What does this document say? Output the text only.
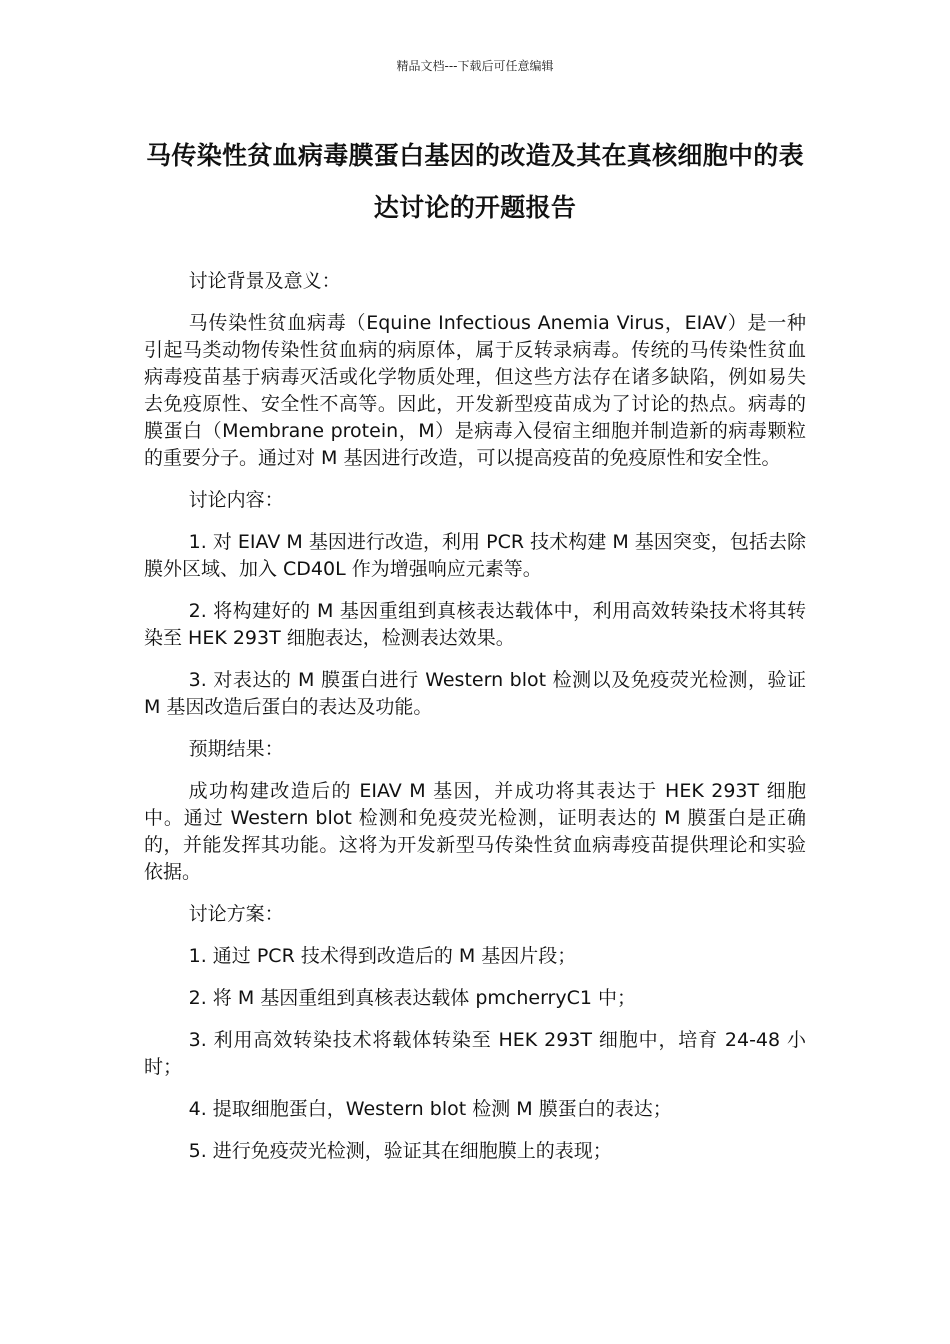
精品文档---下载后可任意编辑
马传染性贫血病毒膜蛋白基因的改造及其在真核细胞中的表达讨论的开题报告

讨论背景及意义：

马传染性贫血病毒（Equine Infectious Anemia Virus，EIAV）是一种引起马类动物传染性贫血病的病原体，属于反转录病毒。传统的马传染性贫血病毒疫苗基于病毒灭活或化学物质处理，但这些方法存在诸多缺陷，例如易失去免疫原性、安全性不高等。因此，开发新型疫苗成为了讨论的热点。病毒的膜蛋白（Membrane protein，M）是病毒入侵宿主细胞并制造新的病毒颗粒的重要分子。通过对 M 基因进行改造，可以提高疫苗的免疫原性和安全性。

讨论内容：

1. 对 EIAV M 基因进行改造，利用 PCR 技术构建 M 基因突变，包括去除膜外区域、加入 CD40L 作为增强响应元素等。

2. 将构建好的 M 基因重组到真核表达载体中，利用高效转染技术将其转染至 HEK 293T 细胞表达，检测表达效果。

3. 对表达的 M 膜蛋白进行 Western blot 检测以及免疫荧光检测，验证 M 基因改造后蛋白的表达及功能。

预期结果：

成功构建改造后的 EIAV M 基因，并成功将其表达于 HEK 293T 细胞中。通过 Western blot 检测和免疫荧光检测，证明表达的 M 膜蛋白是正确的，并能发挥其功能。这将为开发新型马传染性贫血病毒疫苗提供理论和实验依据。

讨论方案：

1. 通过 PCR 技术得到改造后的 M 基因片段；

2. 将 M 基因重组到真核表达载体 pmcherryC1 中；

3. 利用高效转染技术将载体转染至 HEK 293T 细胞中，培育 24-48 小时；

4. 提取细胞蛋白，Western blot 检测 M 膜蛋白的表达；

5. 进行免疫荧光检测，验证其在细胞膜上的表现；
